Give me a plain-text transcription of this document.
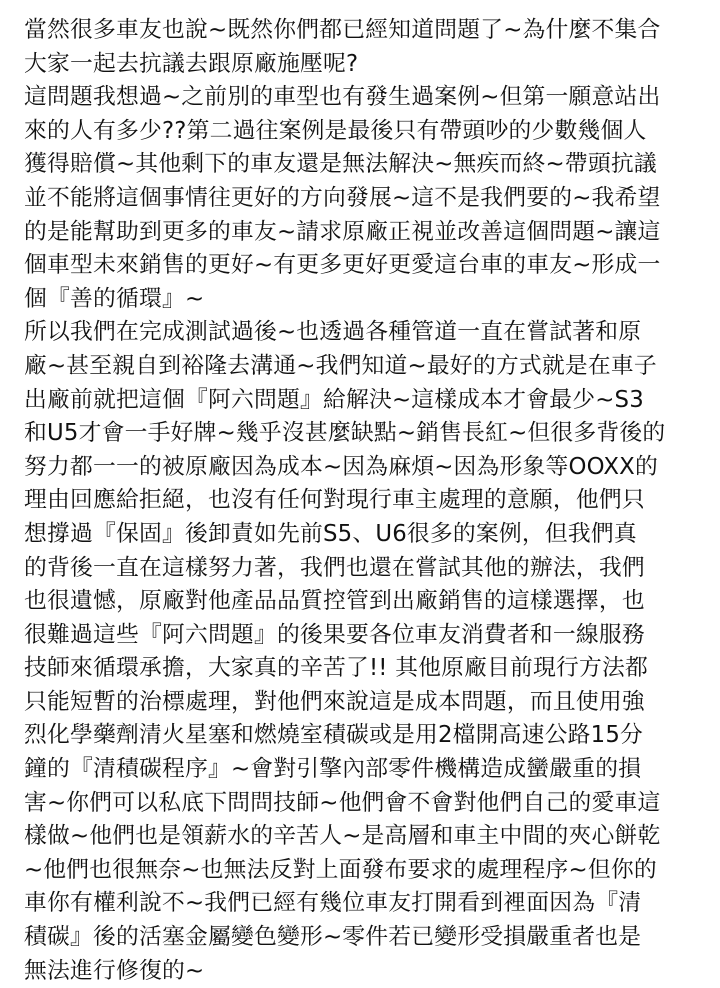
當然很多車友也說~既然你們都已經知道問題了~為什麼不集合
大家一起去抗議去跟原廠施壓呢?
這問題我想過~之前別的車型也有發生過案例~但第一願意站出
來的人有多少??第二過往案例是最後只有帶頭吵的少數幾個人
獲得賠償~其他剩下的車友還是無法解決~無疾而終~帶頭抗議
並不能將這個事情往更好的方向發展~這不是我們要的~我希望
的是能幫助到更多的車友~請求原廠正視並改善這個問題~讓這
個車型未來銷售的更好~有更多更好更愛這台車的車友~形成一
個『善的循環』~
所以我們在完成測試過後~也透過各種管道一直在嘗試著和原
廠~甚至親自到裕隆去溝通~我們知道~最好的方式就是在車子
出廠前就把這個『阿六問題』給解決~這樣成本才會最少~S3
和U5才會一手好牌~幾乎沒甚麼缺點~銷售長紅~但很多背後的
努力都一一的被原廠因為成本~因為麻煩~因為形象等OOXX的
理由回應給拒絕，也沒有任何對現行車主處理的意願，他們只
想撐過『保固』後卸責如先前S5、U6很多的案例，但我們真
的背後一直在這樣努力著，我們也還在嘗試其他的辦法，我們
也很遺憾，原廠對他產品品質控管到出廠銷售的這樣選擇，也
很難過這些『阿六問題』的後果要各位車友消費者和一線服務
技師來循環承擔，大家真的辛苦了!! 其他原廠目前現行方法都
只能短暫的治標處理，對他們來說這是成本問題，而且使用強
烈化學藥劑清火星塞和燃燒室積碳或是用2檔開高速公路15分
鐘的『清積碳程序』~會對引擎內部零件機構造成蠻嚴重的損
害~你們可以私底下問問技師~他們會不會對他們自己的愛車這
樣做~他們也是領薪水的辛苦人~是高層和車主中間的夾心餅乾
~他們也很無奈~也無法反對上面發布要求的處理程序~但你的
車你有權利說不~我們已經有幾位車友打開看到裡面因為『清
積碳』後的活塞金屬變色變形~零件若已變形受損嚴重者也是
無法進行修復的~
